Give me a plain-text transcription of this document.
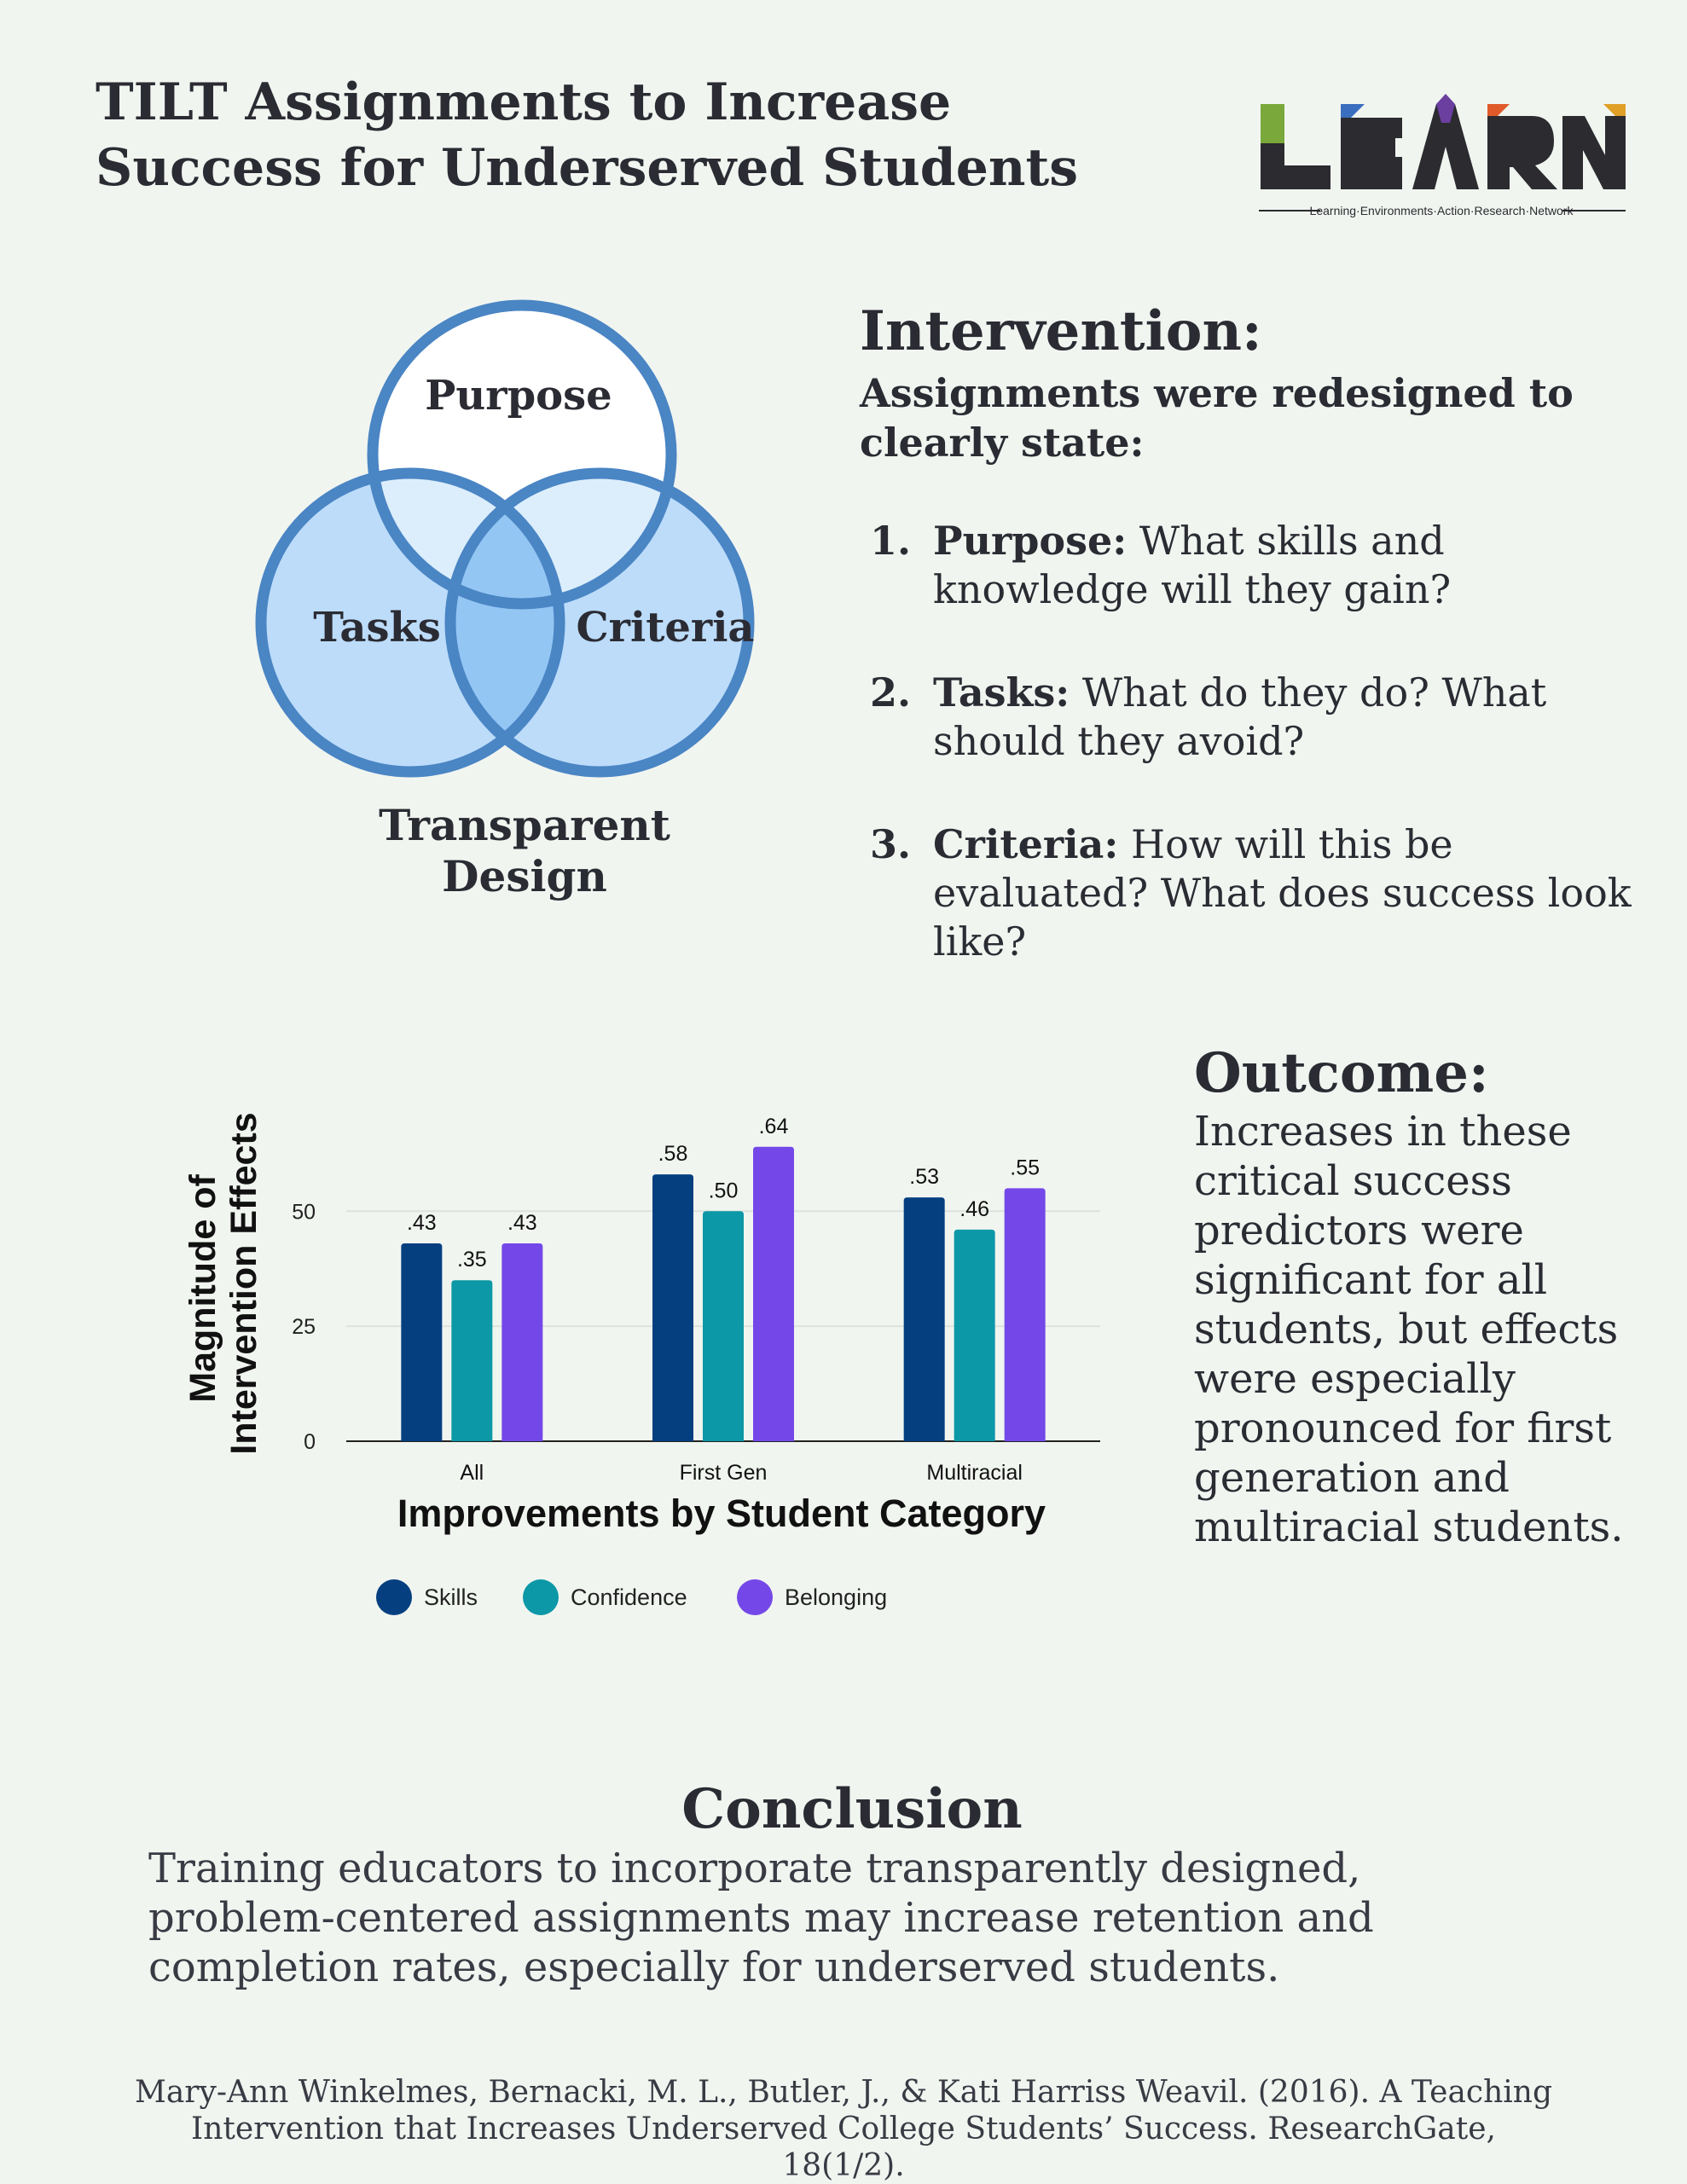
TILT Assignments to Increase Success for Underserved Students
Learning·Environments·Action·Research·Network
Purpose
Tasks	Criteria
Transparent
Design
Intervention:
Assignments were redesigned to clearly state:
1. Purpose: What skills and knowledge will they gain?
2. Tasks: What do they do? What should they avoid?
3. Criteria: How will this be evaluated? What does success look like?
0
25
50	.43
.35
.43
.58
.50
.64
.53
.46
.55
All	First Gen	Multiracial
Magnitude of Intervention Effects
Improvements by Student Category
Skills	Confidence	Belonging
Outcome:

Increases in these critical success predictors were significant for all students, but effects were especially pronounced for first generation and multiracial students.

Conclusion

Training educators to incorporate transparently designed, problem-centered assignments may increase retention and completion rates, especially for underserved students.

Mary-Ann Winkelmes, Bernacki, M. L., Butler, J., & Kati Harriss Weavil. (2016). A Teaching Intervention that Increases Underserved College Students’ Success. ResearchGate, 18(1/2).
